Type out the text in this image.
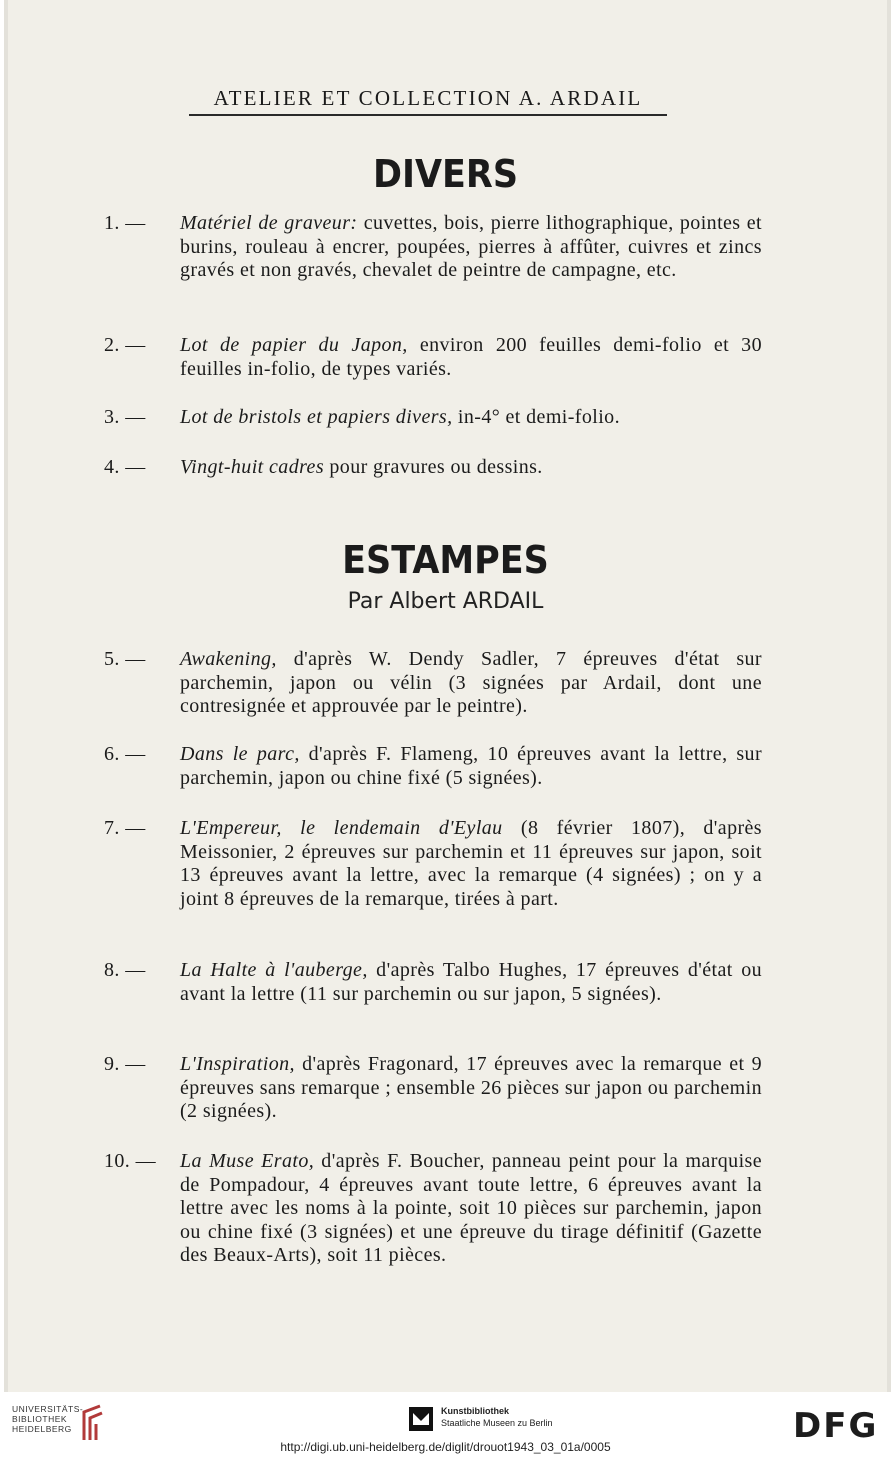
ATELIER ET COLLECTION A. ARDAIL
DIVERS
1. —	Matériel de graveur: cuvettes, bois, pierre lithographique, pointes et burins, rouleau à encrer, poupées, pierres à affûter, cuivres et zincs gravés et non gravés, chevalet de peintre de campagne, etc.
2. —	Lot de papier du Japon, environ 200 feuilles demi-folio et 30 feuilles in-folio, de types variés.
3. —	Lot de bristols et papiers divers, in-4° et demi-folio.
4. —	Vingt-huit cadres pour gravures ou dessins.
ESTAMPES
Par Albert ARDAIL
5. —	Awakening, d'après W. Dendy Sadler, 7 épreuves d'état sur parchemin, japon ou vélin (3 signées par Ardail, dont une contresignée et approuvée par le peintre).
6. —	Dans le parc, d'après F. Flameng, 10 épreuves avant la lettre, sur parchemin, japon ou chine fixé (5 signées).
7. —	L'Empereur, le lendemain d'Eylau (8 février 1807), d'après Meissonier, 2 épreuves sur parchemin et 11 épreuves sur japon, soit 13 épreuves avant la lettre, avec la remarque (4 signées) ; on y a joint 8 épreuves de la remarque, tirées à part.
8. —	La Halte à l'auberge, d'après Talbo Hughes, 17 épreuves d'état ou avant la lettre (11 sur parchemin ou sur japon, 5 signées).
9. —	L'Inspiration, d'après Fragonard, 17 épreuves avec la remarque et 9 épreuves sans remarque ; ensemble 26 pièces sur japon ou parchemin (2 signées).
10. —	La Muse Erato, d'après F. Boucher, panneau peint pour la marquise de Pompadour, 4 épreuves avant toute lettre, 6 épreuves avant la lettre avec les noms à la pointe, soit 10 pièces sur parchemin, japon ou chine fixé (3 signées) et une épreuve du tirage définitif (Gazette des Beaux-Arts), soit 11 pièces.
UNIVERSITÄTS-
BIBLIOTHEK
HEIDELBERG
Kunstbibliothek
Staatliche Museen zu Berlin	DFG
http://digi.ub.uni-heidelberg.de/diglit/drouot1943_03_01a/0005
